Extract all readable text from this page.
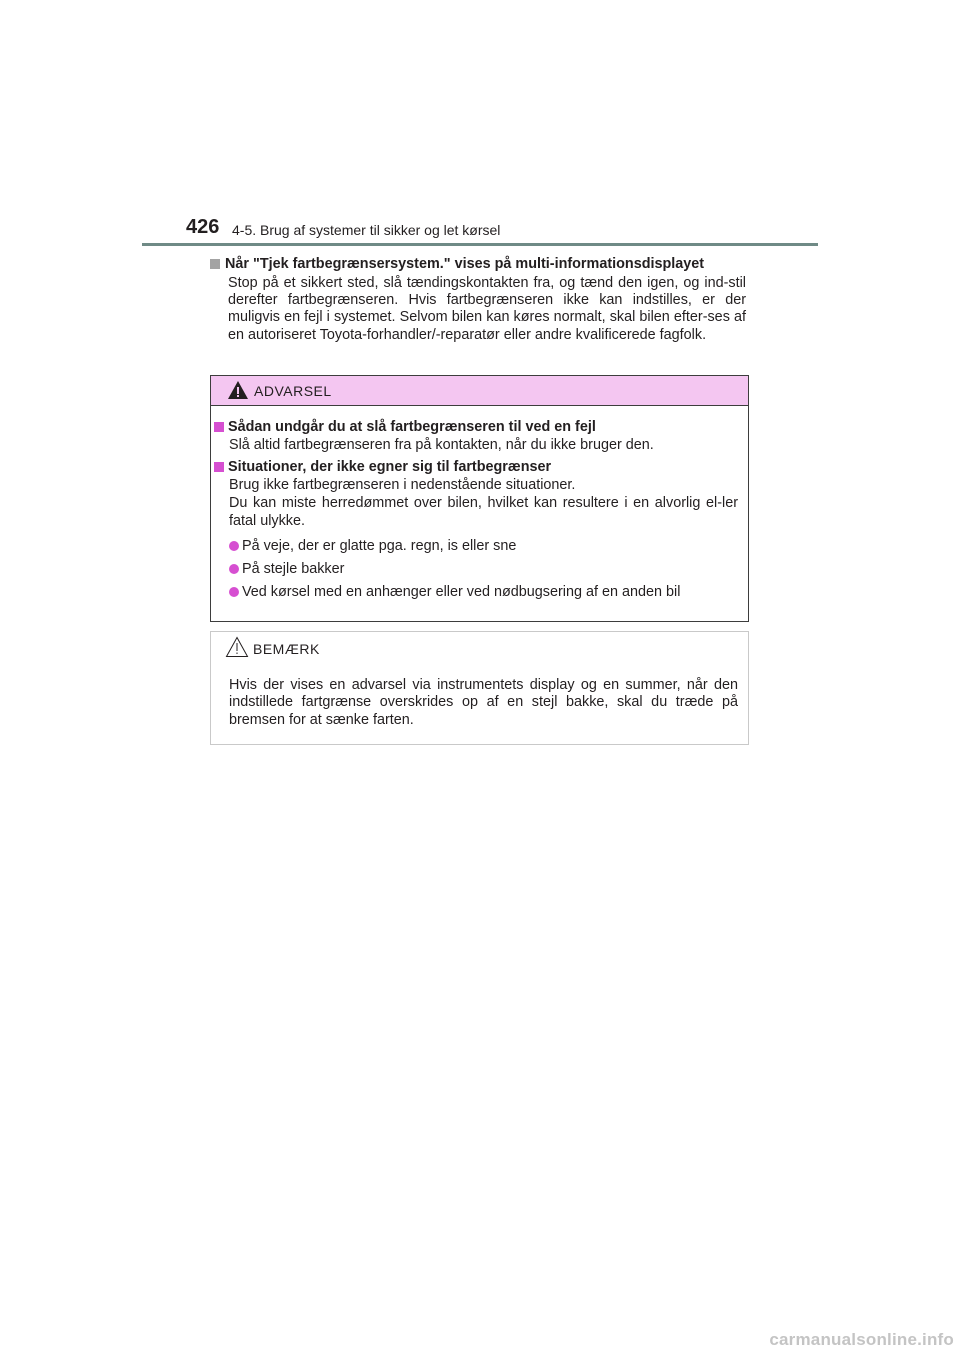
426 4-5. Brug af systemer til sikker og let kørsel
Når "Tjek fartbegrænsersystem." vises på multi-informationsdisplayet
Stop på et sikkert sted, slå tændingskontakten fra, og tænd den igen, og ind-stil derefter fartbegrænseren. Hvis fartbegrænseren ikke kan indstilles, er der muligvis en fejl i systemet. Selvom bilen kan køres normalt, skal bilen efter-ses af en autoriseret Toyota-forhandler/-reparatør eller andre kvalificerede fagfolk.
ADVARSEL
Sådan undgår du at slå fartbegrænseren til ved en fejl

Slå altid fartbegrænseren fra på kontakten, når du ikke bruger den.

Situationer, der ikke egner sig til fartbegrænser

Brug ikke fartbegrænseren i nedenstående situationer.

Du kan miste herredømmet over bilen, hvilket kan resultere i en alvorlig el-ler fatal ulykke.

På veje, der er glatte pga. regn, is eller sne
På stejle bakker
Ved kørsel med en anhænger eller ved nødbugsering af en anden bil
BEMÆRK
Hvis der vises en advarsel via instrumentets display og en summer, når den indstillede fartgrænse overskrides op af en stejl bakke, skal du træde på bremsen for at sænke farten.
carmanualsonline.info
